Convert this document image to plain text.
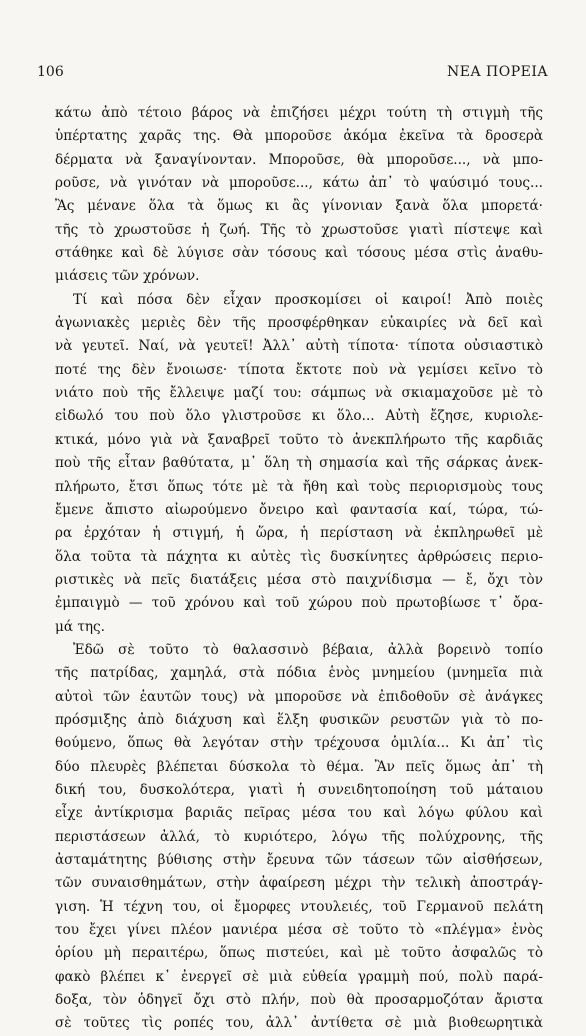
106	ΝΕΑ ΠΟΡΕΙΑ
κάτω ἀπὸ τέτοιο βάρος νὰ ἐπιζήσει μέχρι τούτη τὴ στιγμὴ τῆς
ὑπέρτατης χαρᾶς της. Θὰ μποροῦσε ἀκόμα ἐκεῖνα τὰ δροσερὰ
δέρματα νὰ ξαναγίνονταν. Μποροῦσε, θὰ μποροῦσε..., νὰ μπο-
ροῦσε, νὰ γινόταν νὰ μποροῦσε..., κάτω ἀπ᾿ τὸ ψαύσιμό τους...
Ἂς μένανε ὅλα τὰ ὅμως κι ἂς γίνονιαν ξανὰ ὅλα μπορετά·
τῆς τὸ χρωστοῦσε ἡ ζωή. Τῆς τὸ χρωστοῦσε γιατὶ πίστεψε καὶ
στάθηκε καὶ δὲ λύγισε σὰν τόσους καὶ τόσους μέσα στὶς ἀναθυ-
μιάσεις τῶν χρόνων.
Τί καὶ πόσα δὲν εἶχαν προσκομίσει οἱ καιροί! Ἀπὸ ποιὲς
ἀγωνιακὲς μεριὲς δὲν τῆς προσφέρθηκαν εὐκαιρίες νὰ δεῖ καὶ
νὰ γευτεῖ. Ναί, νὰ γευτεῖ! Ἀλλ᾿ αὐτὴ τίποτα· τίποτα οὐσιαστικὸ
ποτέ της δὲν ἔνοιωσε· τίποτα ἔκτοτε ποὺ νὰ γεμίσει κεῖνο τὸ
νιάτο ποὺ τῆς ἔλλειψε μαζί του: σάμπως νὰ σκιαμαχοῦσε μὲ τὸ
εἰδωλό του ποὺ ὅλο γλιστροῦσε κι ὅλο... Αὐτὴ ἔζησε, κυριολε-
κτικά, μόνο γιὰ νὰ ξαναβρεῖ τοῦτο τὸ ἀνεκπλήρωτο τῆς καρδιᾶς
ποὺ τῆς εἶταν βαθύτατα, μ᾿ ὅλη τὴ σημασία καὶ τῆς σάρκας ἀνεκ-
πλήρωτο, ἔτσι ὅπως τότε μὲ τὰ ἤθη καὶ τοὺς περιορισμοὺς τους
ἔμενε ἄπιστο αἰωρούμενο ὄνειρο καὶ φαντασία καί, τώρα, τώ-
ρα ἐρχόταν ἡ στιγμή, ἡ ὥρα, ἡ περίσταση νὰ ἐκπληρωθεῖ μὲ
ὅλα τοῦτα τὰ πάχητα κι αὐτὲς τὶς δυσκίνητες ἀρθρώσεις περιο-
ριστικὲς νὰ πεῖς διατάξεις μέσα στὸ παιχνίδισμα — ἔ, ὄχι τὸν
ἐμπαιγμὸ — τοῦ χρόνου καὶ τοῦ χώρου ποὺ πρωτοβίωσε τ᾿ ὄρα-
μά της.
Ἐδῶ σὲ τοῦτο τὸ θαλασσινὸ βέβαια, ἀλλὰ βορεινὸ τοπίο
τῆς πατρίδας, χαμηλά, στὰ πόδια ἑνὸς μνημείου (μνημεῖα πιὰ
αὐτοὶ τῶν ἑαυτῶν τους) νὰ μποροῦσε νὰ ἐπιδοθοῦν σὲ ἀνάγκες
πρόσμιξης ἀπὸ διάχυση καὶ ἕλξη φυσικῶν ρευστῶν γιὰ τὸ πο-
θούμενο, ὅπως θὰ λεγόταν στὴν τρέχουσα ὁμιλία... Κι ἀπ᾿ τὶς
δύο πλευρὲς βλέπεται δύσκολα τὸ θέμα. Ἂν πεῖς ὅμως ἀπ᾿ τὴ
δική του, δυσκολότερα, γιατὶ ἡ συνειδητοποίηση τοῦ μάταιου
εἶχε ἀντίκρισμα βαριᾶς πεῖρας μέσα του καὶ λόγω φύλου καὶ
περιστάσεων ἀλλά, τὸ κυριότερο, λόγω τῆς πολύχρονης, τῆς
ἀσταμάτητης βύθισης στὴν ἔρευνα τῶν τάσεων τῶν αἰσθήσεων,
τῶν συναισθημάτων, στὴν ἀφαίρεση μέχρι τὴν τελικὴ ἀποστράγ-
γιση. Ἡ τέχνη του, οἱ ἔμορφες ντουλειές, τοῦ Γερμανοῦ πελάτη
του ἔχει γίνει πλέον μανιέρα μέσα σὲ τοῦτο τὸ «πλέγμα» ἑνὸς
ὁρίου μὴ περαιτέρω, ὅπως πιστεύει, καὶ μὲ τοῦτο ἀσφαλῶς τὸ
φακὸ βλέπει κ᾿ ἐνεργεῖ σὲ μιὰ εὐθεία γραμμὴ πού, πολὺ παρά-
δοξα, τὸν ὁδηγεῖ ὄχι στὸ πλήν, ποὺ θὰ προσαρμοζόταν ἄριστα
σὲ τοῦτες τὶς ροπές του, ἀλλ᾿ ἀντίθετα σὲ μιὰ βιοθεωρητικὰ
